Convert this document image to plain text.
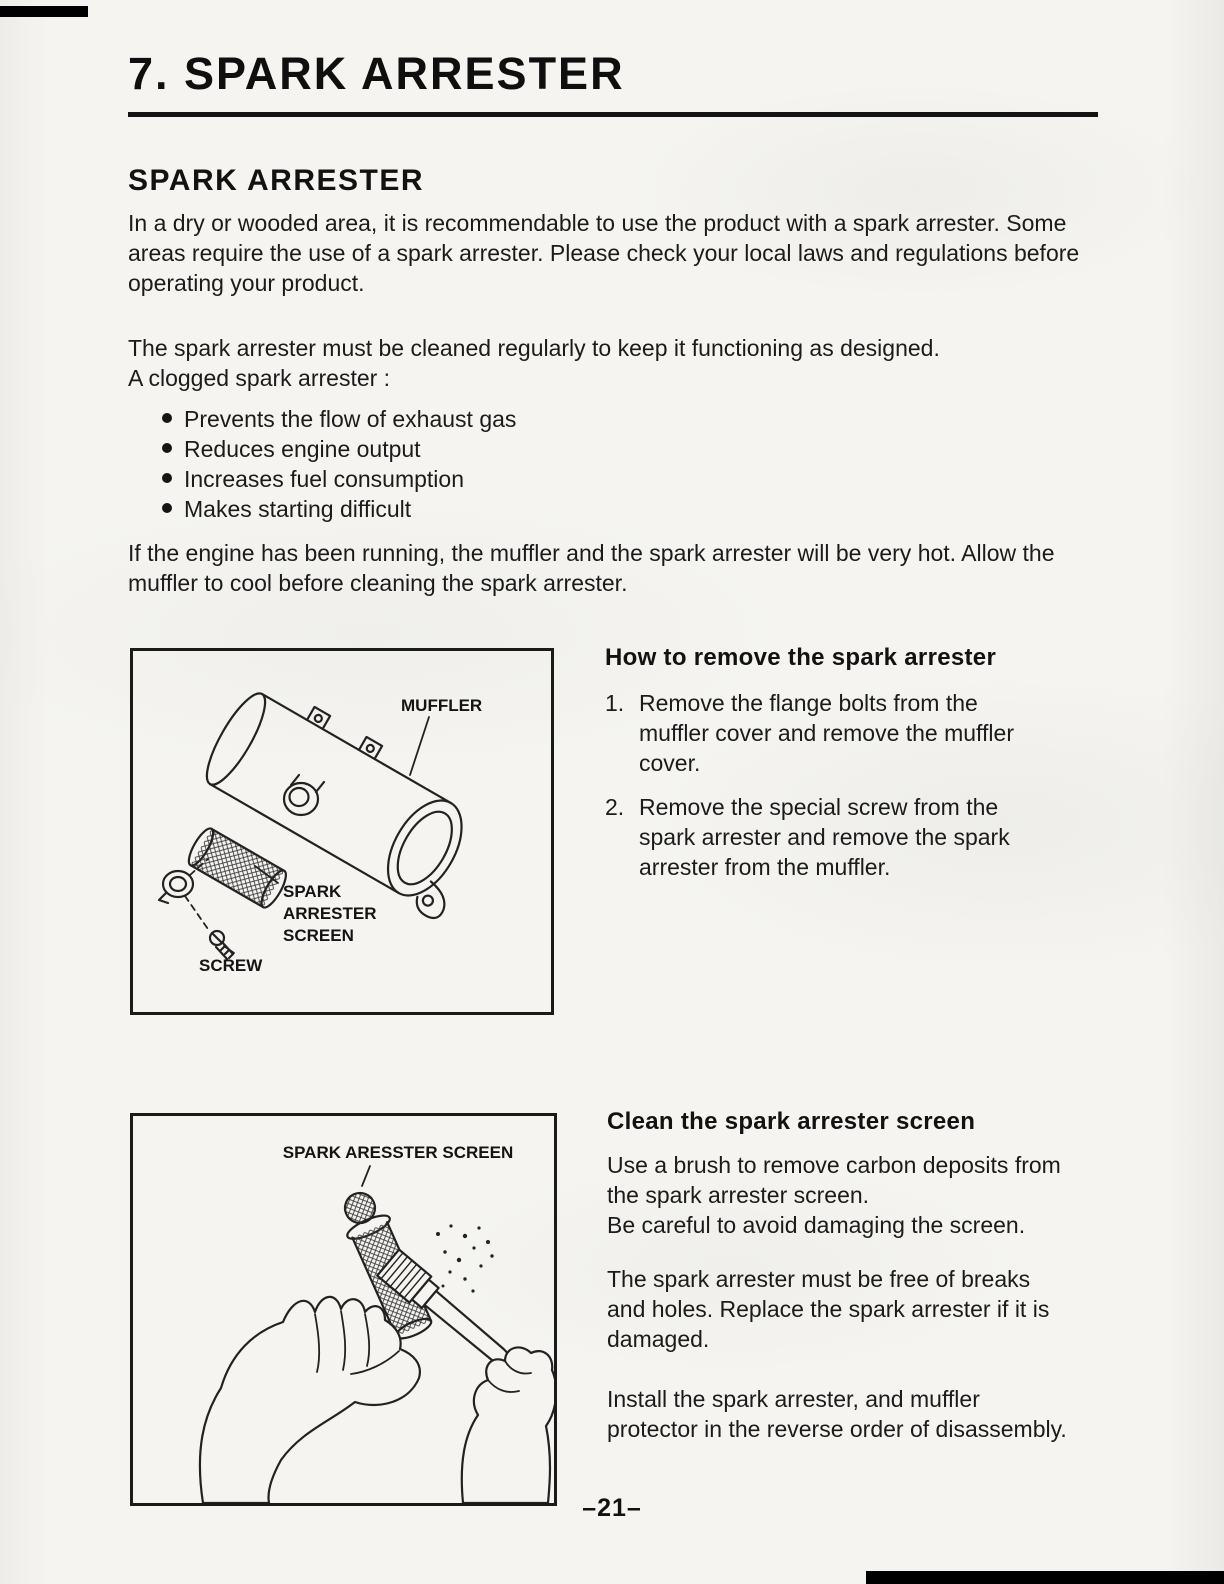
7. SPARK ARRESTER
SPARK ARRESTER
In a dry or wooded area, it is recommendable to use the product with a spark arrester. Some areas require the use of a spark arrester. Please check your local laws and regulations before operating your product.
The spark arrester must be cleaned regularly to keep it functioning as designed.
A clogged spark arrester :
Prevents the flow of exhaust gas
Reduces engine output
Increases fuel consumption
Makes starting difficult
If the engine has been running, the muffler and the spark arrester will be very hot. Allow the muffler to cool before cleaning the spark arrester.
MUFFLER
SPARK
ARRESTER
SCREEN
SCREW
How to remove the spark arrester
1. Remove the flange bolts from the muffler cover and remove the muffler cover.
2. Remove the special screw from the spark arrester and remove the spark arrester from the muffler.
SPARK ARESSTER SCREEN
Clean the spark arrester screen
Use a brush to remove carbon deposits from the spark arrester screen.
Be careful to avoid damaging the screen.
The spark arrester must be free of breaks and holes. Replace the spark arrester if it is damaged.
Install the spark arrester, and muffler protector in the reverse order of disassembly.
–21–
